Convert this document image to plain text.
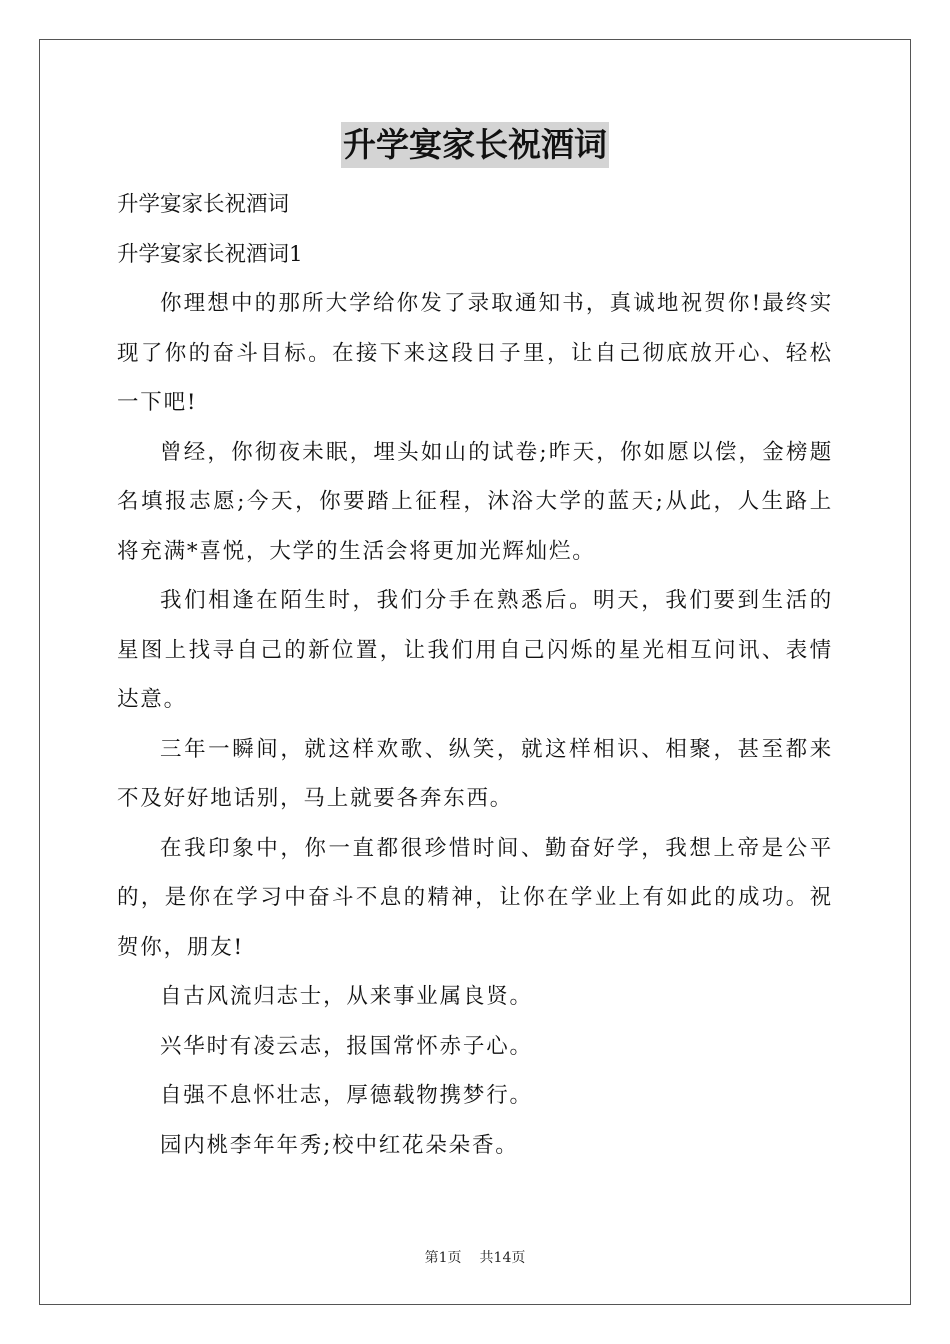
升学宴家长祝酒词

升学宴家长祝酒词

升学宴家长祝酒词1

你理想中的那所大学给你发了录取通知书，真诚地祝贺你!最终实现了你的奋斗目标。在接下来这段日子里，让自己彻底放开心、轻松一下吧!

曾经，你彻夜未眠，埋头如山的试卷;昨天，你如愿以偿，金榜题名填报志愿;今天，你要踏上征程，沐浴大学的蓝天;从此，人生路上将充满*喜悦，大学的生活会将更加光辉灿烂。

我们相逢在陌生时，我们分手在熟悉后。明天，我们要到生活的星图上找寻自己的新位置，让我们用自己闪烁的星光相互问讯、表情达意。

三年一瞬间，就这样欢歌、纵笑，就这样相识、相聚，甚至都来不及好好地话别，马上就要各奔东西。

在我印象中，你一直都很珍惜时间、勤奋好学，我想上帝是公平的，是你在学习中奋斗不息的精神，让你在学业上有如此的成功。祝贺你，朋友!

自古风流归志士，从来事业属良贤。

兴华时有凌云志，报国常怀赤子心。

自强不息怀壮志，厚德载物携梦行。

园内桃李年年秀;校中红花朵朵香。

第1页 共14页
